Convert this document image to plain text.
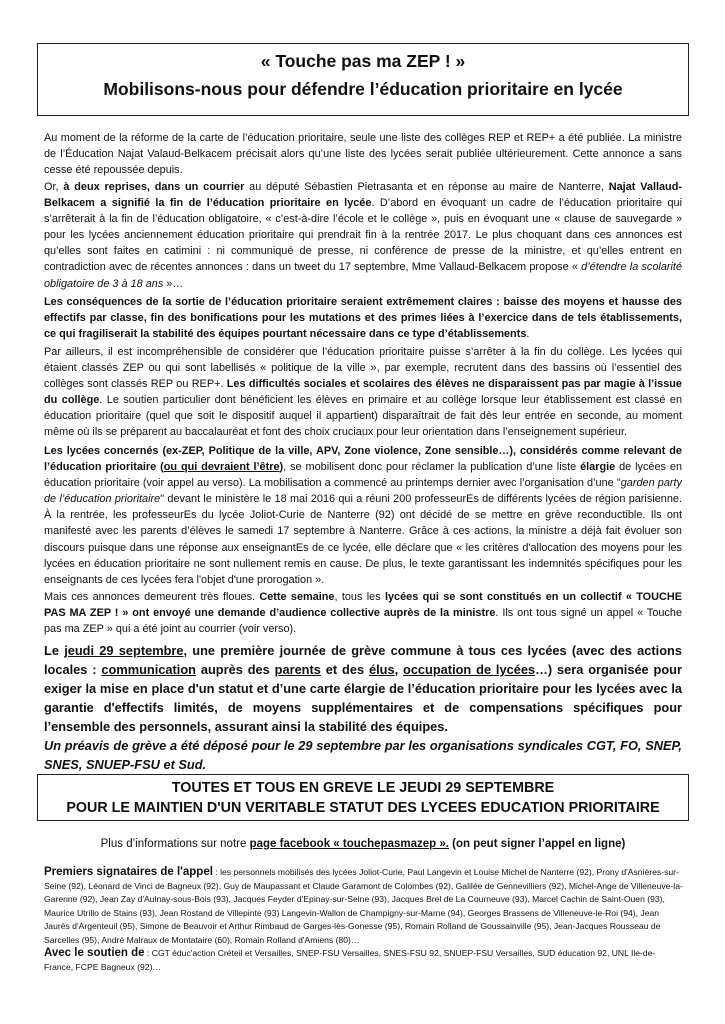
« Touche pas ma ZEP ! »
Mobilisons-nous pour défendre l’éducation prioritaire en lycée

Au moment de la réforme de la carte de l’éducation prioritaire, seule une liste des collèges REP et REP+ a été publiée. La ministre de l’Éducation Najat Valaud-Belkacem précisait alors qu’une liste des lycées serait publiée ultérieurement. Cette annonce a sans cesse été repoussée depuis.

Or, à deux reprises, dans un courrier au député Sébastien Pietrasanta et en réponse au maire de Nanterre, Najat Vallaud-Belkacem a signifié la fin de l’éducation prioritaire en lycée. D’abord en évoquant un cadre de l’éducation prioritaire qui s’arrêterait à la fin de l’éducation obligatoire, « c’est-à-dire l’école et le collège », puis en évoquant une « clause de sauvegarde » pour les lycées anciennement éducation prioritaire qui prendrait fin à la rentrée 2017. Le plus choquant dans ces annonces est qu’elles sont faites en catimini : ni communiqué de presse, ni conférence de presse de la ministre, et qu’elles entrent en contradiction avec de récentes annonces : dans un tweet du 17 septembre, Mme Vallaud-Belkacem propose « d’étendre la scolarité obligatoire de 3 à 18 ans »…

Les conséquences de la sortie de l’éducation prioritaire seraient extrêmement claires : baisse des moyens et hausse des effectifs par classe, fin des bonifications pour les mutations et des primes liées à l’exercice dans de tels établissements, ce qui fragiliserait la stabilité des équipes pourtant nécessaire dans ce type d’établissements.

Par ailleurs, il est incompréhensible de considérer que l’éducation prioritaire puisse s’arrêter à la fin du collège. Les lycées qui étaient classés ZEP ou qui sont labellisés « politique de la ville », par exemple, recrutent dans des bassins où l’essentiel des collèges sont classés REP ou REP+. Les difficultés sociales et scolaires des élèves ne disparaissent pas par magie à l’issue du collège. Le soutien particulier dont bénéficient les élèves en primaire et au collège lorsque leur établissement est classé en éducation prioritaire (quel que soit le dispositif auquel il appartient) disparaîtrait de fait dès leur entrée en seconde, au moment même où ils se préparent au baccalauréat et font des choix cruciaux pour leur orientation dans l’enseignement supérieur.

Les lycées concernés (ex-ZEP, Politique de la ville, APV, Zone violence, Zone sensible…), considérés comme relevant de l’éducation prioritaire (ou qui devraient l’être), se mobilisent donc pour réclamer la publication d’une liste élargie de lycées en éducation prioritaire (voir appel au verso). La mobilisation a commencé au printemps dernier avec l’organisation d’une "garden party de l’éducation prioritaire" devant le ministère le 18 mai 2016 qui a réuni 200 professeurEs de différents lycées de région parisienne. À la rentrée, les professeurEs du lycée Joliot-Curie de Nanterre (92) ont décidé de se mettre en grève reconductible. Ils ont manifesté avec les parents d’élèves le samedi 17 septembre à Nanterre. Grâce à ces actions, la ministre a déjà fait évoluer son discours puisque dans une réponse aux enseignantEs de ce lycée, elle déclare que « les critères d'allocation des moyens pour les lycées en éducation prioritaire ne sont nullement remis en cause. De plus, le texte garantissant les indemnités spécifiques pour les enseignants de ces lycées fera l'objet d'une prorogation ».

Mais ces annonces demeurent très floues. Cette semaine, tous les lycées qui se sont constitués en un collectif « TOUCHE PAS MA ZEP ! » ont envoyé une demande d’audience collective auprès de la ministre. Ils ont tous signé un appel « Touche pas ma ZEP » qui a été joint au courrier (voir verso).

Le jeudi 29 septembre, une première journée de grève commune à tous ces lycées (avec des actions locales : communication auprès des parents et des élus, occupation de lycées…) sera organisée pour exiger la mise en place d'un statut et d’une carte élargie de l’éducation prioritaire pour les lycées avec la garantie d'effectifs limités, de moyens supplémentaires et de compensations spécifiques pour l’ensemble des personnels, assurant ainsi la stabilité des équipes.
Un préavis de grève a été déposé pour le 29 septembre par les organisations syndicales CGT, FO, SNEP, SNES, SNUEP-FSU et Sud.

TOUTES ET TOUS EN GREVE LE JEUDI 29 SEPTEMBRE
POUR LE MAINTIEN D'UN VERITABLE STATUT DES LYCEES EDUCATION PRIORITAIRE
Plus d’informations sur notre page facebook « touchepasmazep ». (on peut signer l’appel en ligne)

Premiers signataires de l'appel : les personnels mobilisés des lycées Joliot-Curie, Paul Langevin et Louise Michel de Nanterre (92), Prony d'Asnières-sur-Seine (92), Léonard de Vinci de Bagneux (92), Guy de Maupassant et Claude Garamont de Colombes (92), Galilée de Gennevilliers (92), Michel-Ange de Villeneuve-la-Garenne (92), Jean Zay d'Aulnay-sous-Bois (93), Jacques Feyder d'Epinay-sur-Seine (93), Jacques Brel de La Courneuve (93), Marcel Cachin de Saint-Ouen (93), Maurice Utrillo de Stains (93), Jean Rostand de Villepinte (93) Langevin-Wallon de Champigny-sur-Marne (94), Georges Brassens de Villeneuve-le-Roi (94), Jean Jaurès d'Argenteuil (95), Simone de Beauvoir et Arthur Rimbaud de Garges-lès-Gonesse (95), Romain Rolland de Goussainville (95), Jean-Jacques Rousseau de Sarcelles (95), André Malraux de Montataire (60), Romain Rolland d'Amiens (80)…
Avec le soutien de : CGT éduc'action Créteil et Versailles, SNEP-FSU Versailles, SNES-FSU 92, SNUEP-FSU Versailles, SUD éducation 92, UNL Ile-de-France, FCPE Bagneux (92)…
